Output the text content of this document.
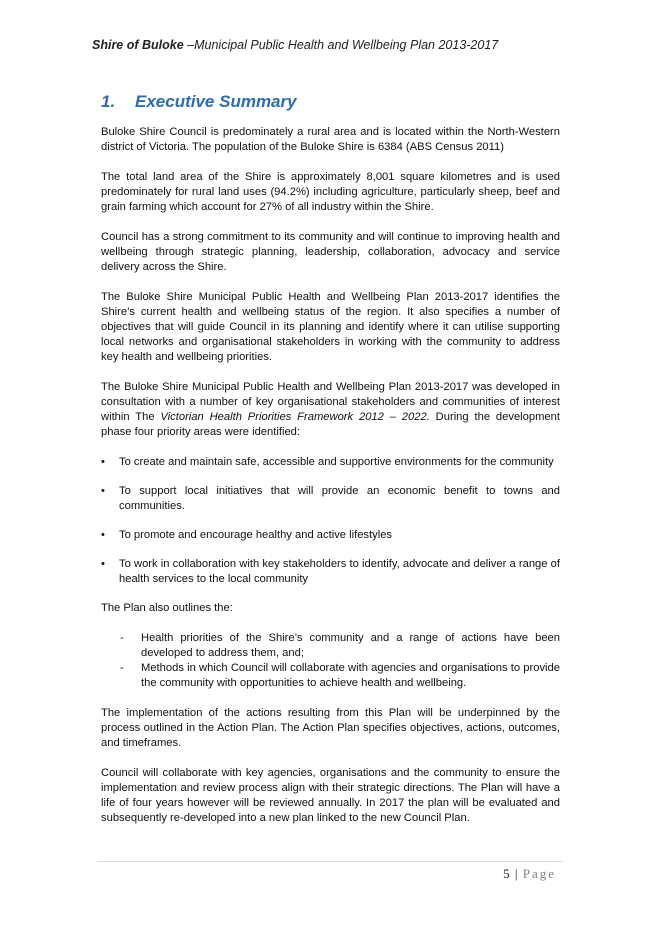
Shire of Buloke –Municipal Public Health and Wellbeing Plan 2013-2017
1. Executive Summary

Buloke Shire Council is predominately a rural area and is located within the North-Western district of Victoria. The population of the Buloke Shire is 6384 (ABS Census 2011)

The total land area of the Shire is approximately 8,001 square kilometres and is used predominately for rural land uses (94.2%) including agriculture, particularly sheep, beef and grain farming which account for 27% of all industry within the Shire.

Council has a strong commitment to its community and will continue to improving health and wellbeing through strategic planning, leadership, collaboration, advocacy and service delivery across the Shire.

The Buloke Shire Municipal Public Health and Wellbeing Plan 2013-2017 identifies the Shire’s current health and wellbeing status of the region. It also specifies a number of objectives that will guide Council in its planning and identify where it can utilise supporting local networks and organisational stakeholders in working with the community to address key health and wellbeing priorities.

The Buloke Shire Municipal Public Health and Wellbeing Plan 2013-2017 was developed in consultation with a number of key organisational stakeholders and communities of interest within The Victorian Health Priorities Framework 2012 – 2022. During the development phase four priority areas were identified:

• To create and maintain safe, accessible and supportive environments for the community
• To support local initiatives that will provide an economic benefit to towns and communities.
• To promote and encourage healthy and active lifestyles
• To work in collaboration with key stakeholders to identify, advocate and deliver a range of health services to the local community

The Plan also outlines the:

- Health priorities of the Shire’s community and a range of actions have been developed to address them, and;
- Methods in which Council will collaborate with agencies and organisations to provide the community with opportunities to achieve health and wellbeing.

The implementation of the actions resulting from this Plan will be underpinned by the process outlined in the Action Plan. The Action Plan specifies objectives, actions, outcomes, and timeframes.

Council will collaborate with key agencies, organisations and the community to ensure the implementation and review process align with their strategic directions. The Plan will have a life of four years however will be reviewed annually. In 2017 the plan will be evaluated and subsequently re-developed into a new plan linked to the new Council Plan.

5 | Page
